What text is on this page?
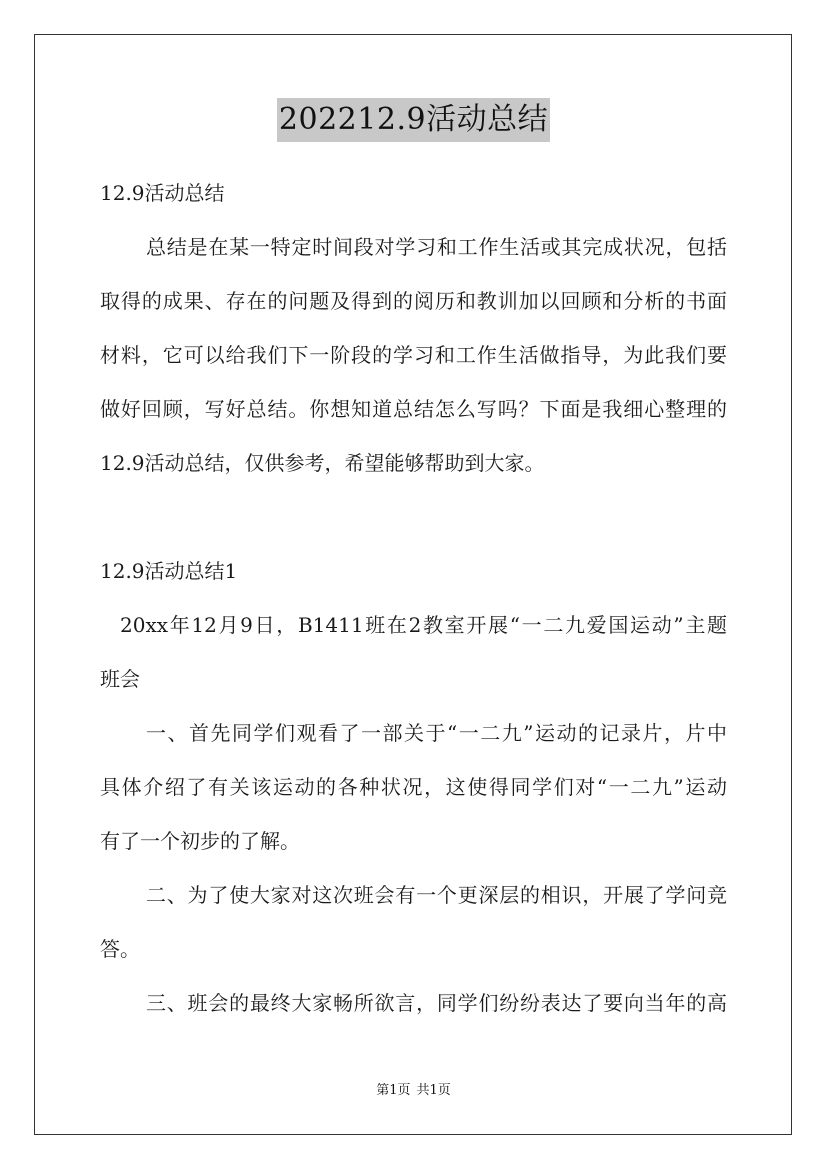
202212.9活动总结
12.9活动总结
总结是在某一特定时间段对学习和工作生活或其完成状况，包括
取得的成果、存在的问题及得到的阅历和教训加以回顾和分析的书面
材料，它可以给我们下一阶段的学习和工作生活做指导，为此我们要
做好回顾，写好总结。你想知道总结怎么写吗？下面是我细心整理的
12.9活动总结，仅供参考，希望能够帮助到大家。
12.9活动总结1
20xx年12月9日，B1411班在2教室开展“一二九爱国运动”主题
班会
一、首先同学们观看了一部关于“一二九”运动的记录片，片中
具体介绍了有关该运动的各种状况，这使得同学们对“一二九”运动
有了一个初步的了解。
二、为了使大家对这次班会有一个更深层的相识，开展了学问竞
答。
三、班会的最终大家畅所欲言，同学们纷纷表达了要向当年的高
第1页 共1页
